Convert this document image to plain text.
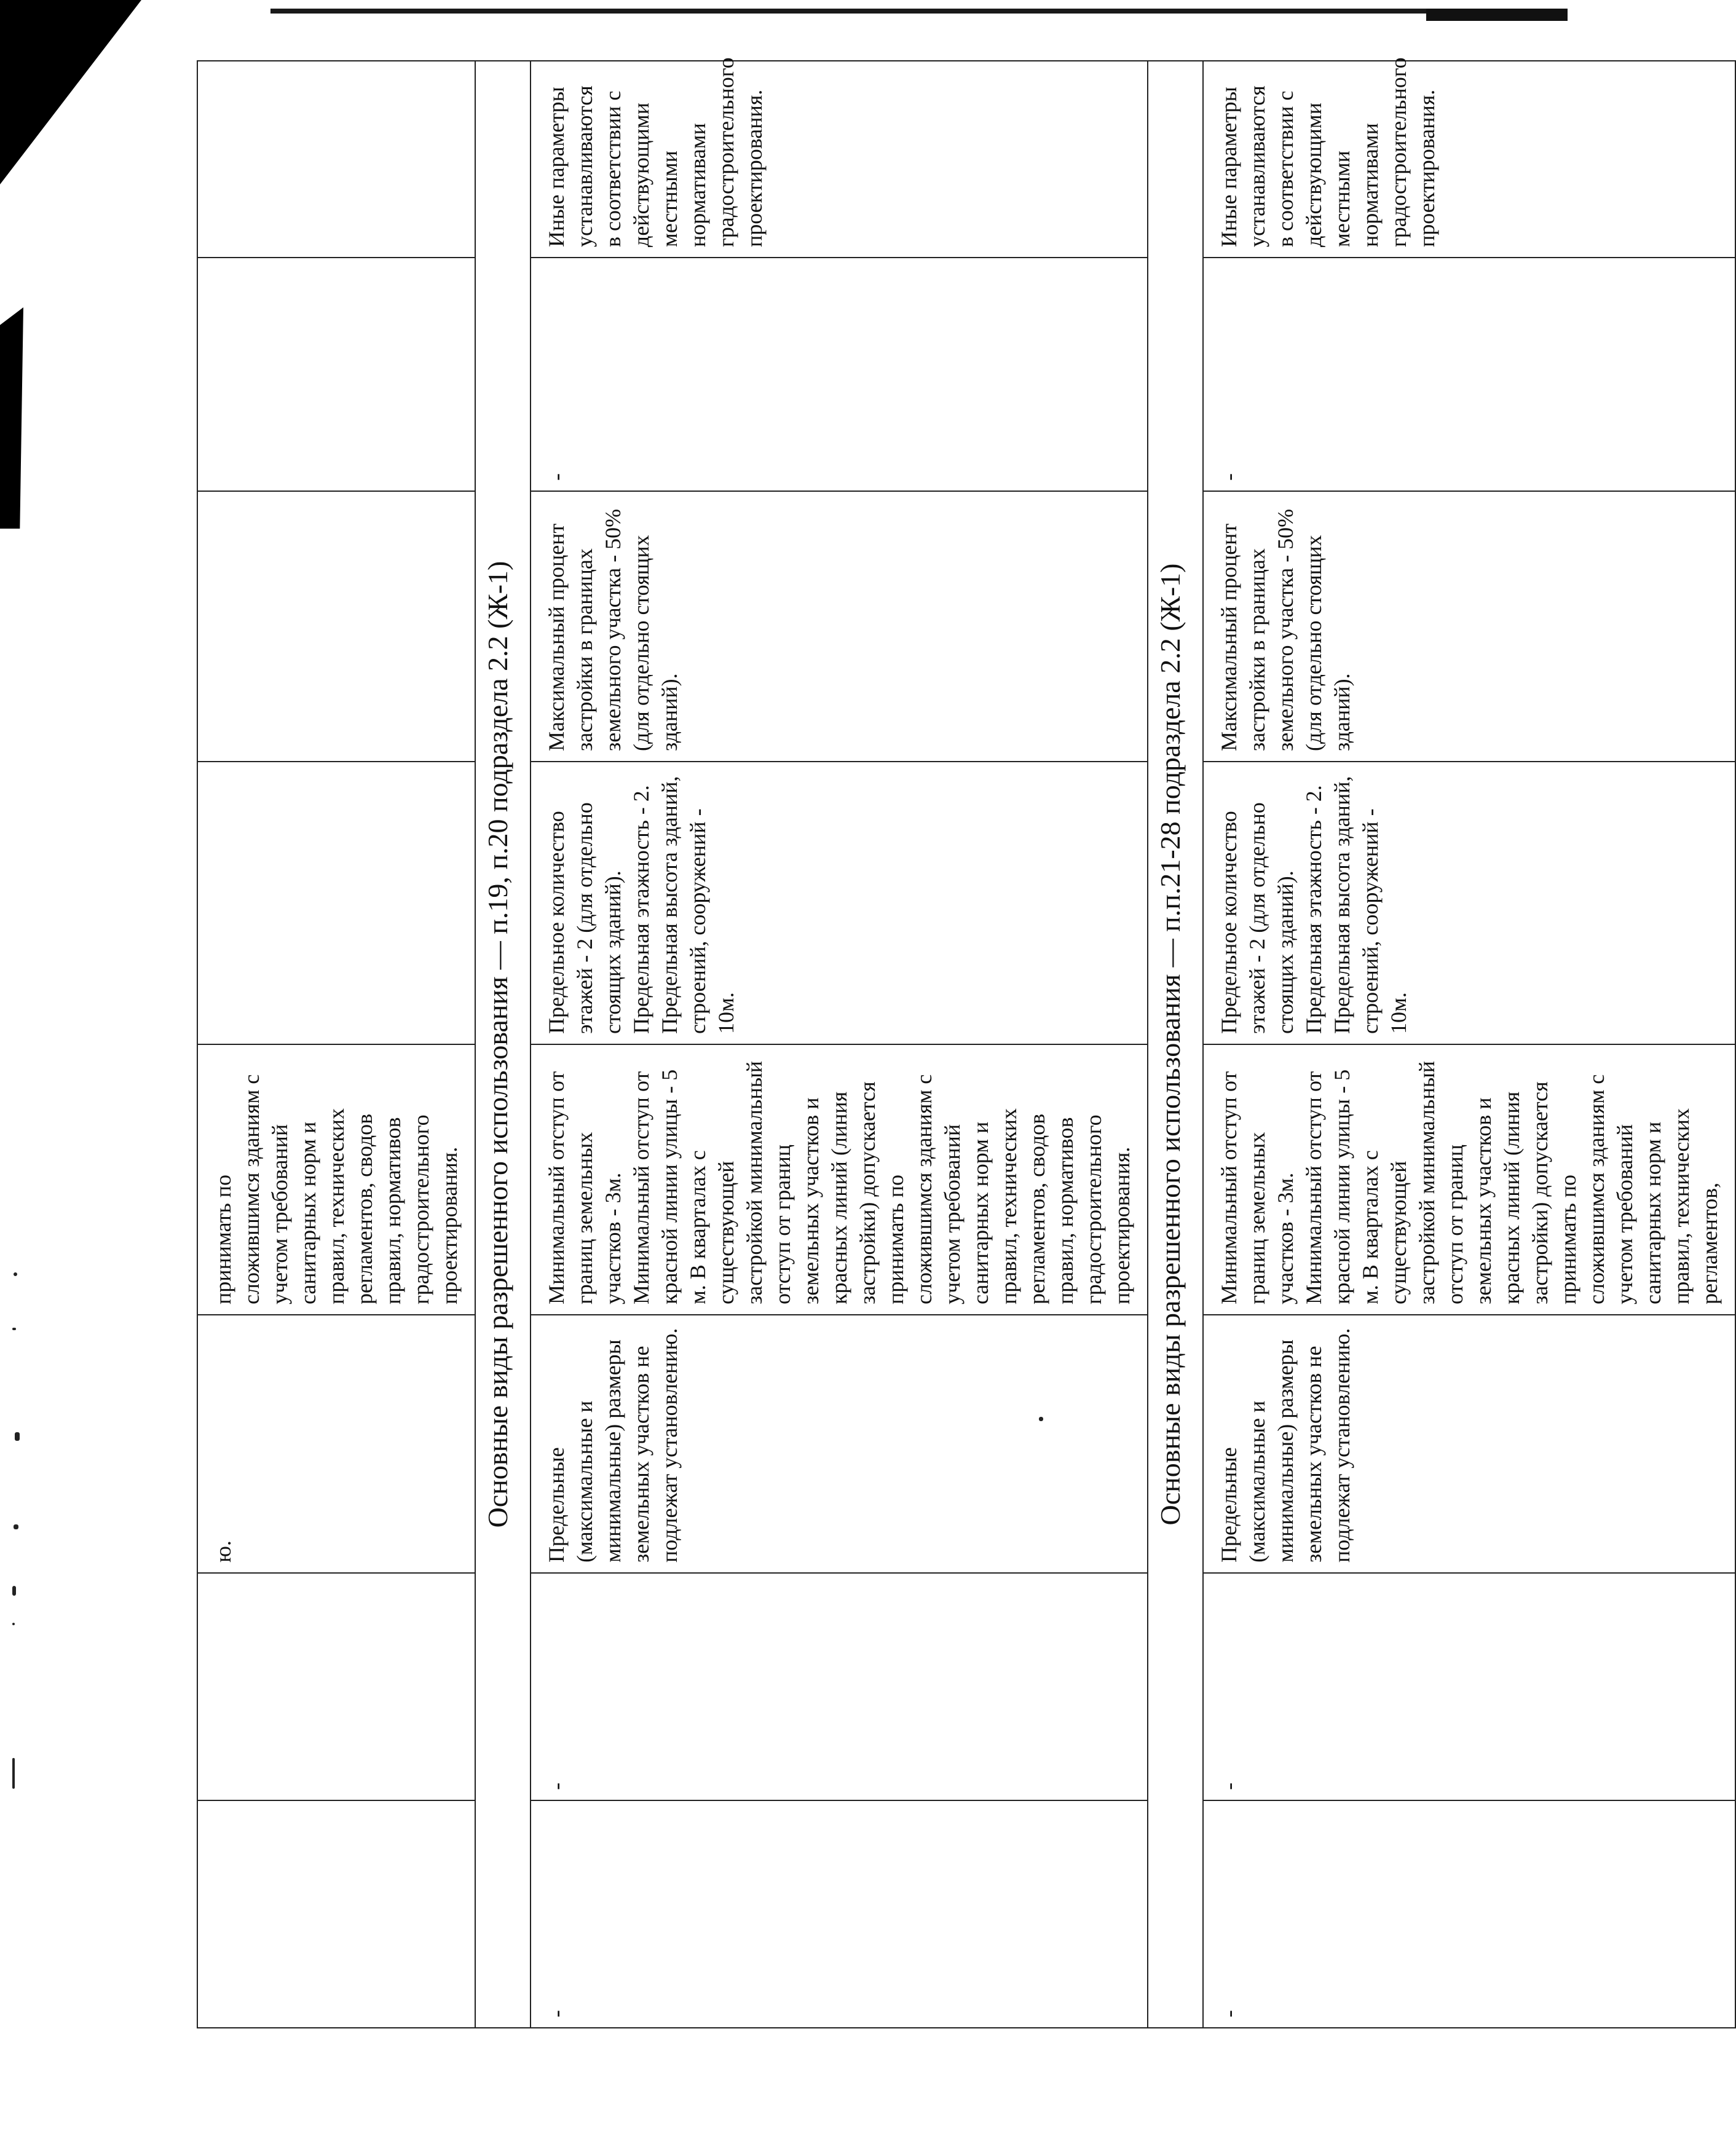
		ю.	принимать по сложившимся зданиям с учетом требований санитарных норм и правил, технических регламентов, сводов правил, нормативов градостроительного проектирования.				
Основные виды разрешенного использования — п.19, п.20 подраздела 2.2 (Ж-1)							
-	-	Предельные (максимальные и минимальные) размеры земельных участков не подлежат установлению.	Минимальный отступ от границ земельных участков - 3м. Минимальный отступ от красной линии улицы - 5 м. В кварталах с существующей застройкой минимальный отступ от границ земельных участков и красных линий (линия застройки) допускается принимать по сложившимся зданиям с учетом требований санитарных норм и правил, технических регламентов, сводов правил, нормативов градостроительного проектирования.	Предельное количество этажей - 2 (для отдельно стоящих зданий). Предельная этажность - 2. Предельная высота зданий, строений, сооружений - 10м.	Максимальный процент застройки в границах земельного участка - 50% (для отдельно стоящих зданий).	-	Иные параметры устанавливаются в соответствии с действующими местными нормативами градостроительного проектирования.
Основные виды разрешенного использования — п.п.21-28 подраздела 2.2 (Ж-1)							
-	-	Предельные (максимальные и минимальные) размеры земельных участков не подлежат установлению.	Минимальный отступ от границ земельных участков - 3м. Минимальный отступ от красной линии улицы - 5 м. В кварталах с существующей застройкой минимальный отступ от границ земельных участков и красных линий (линия застройки) допускается принимать по сложившимся зданиям с учетом требований санитарных норм и правил, технических регламентов,	Предельное количество этажей - 2 (для отдельно стоящих зданий). Предельная этажность - 2. Предельная высота зданий, строений, сооружений - 10м.	Максимальный процент застройки в границах земельного участка - 50% (для отдельно стоящих зданий).	-	Иные параметры устанавливаются в соответствии с действующими местными нормативами градостроительного проектирования.
